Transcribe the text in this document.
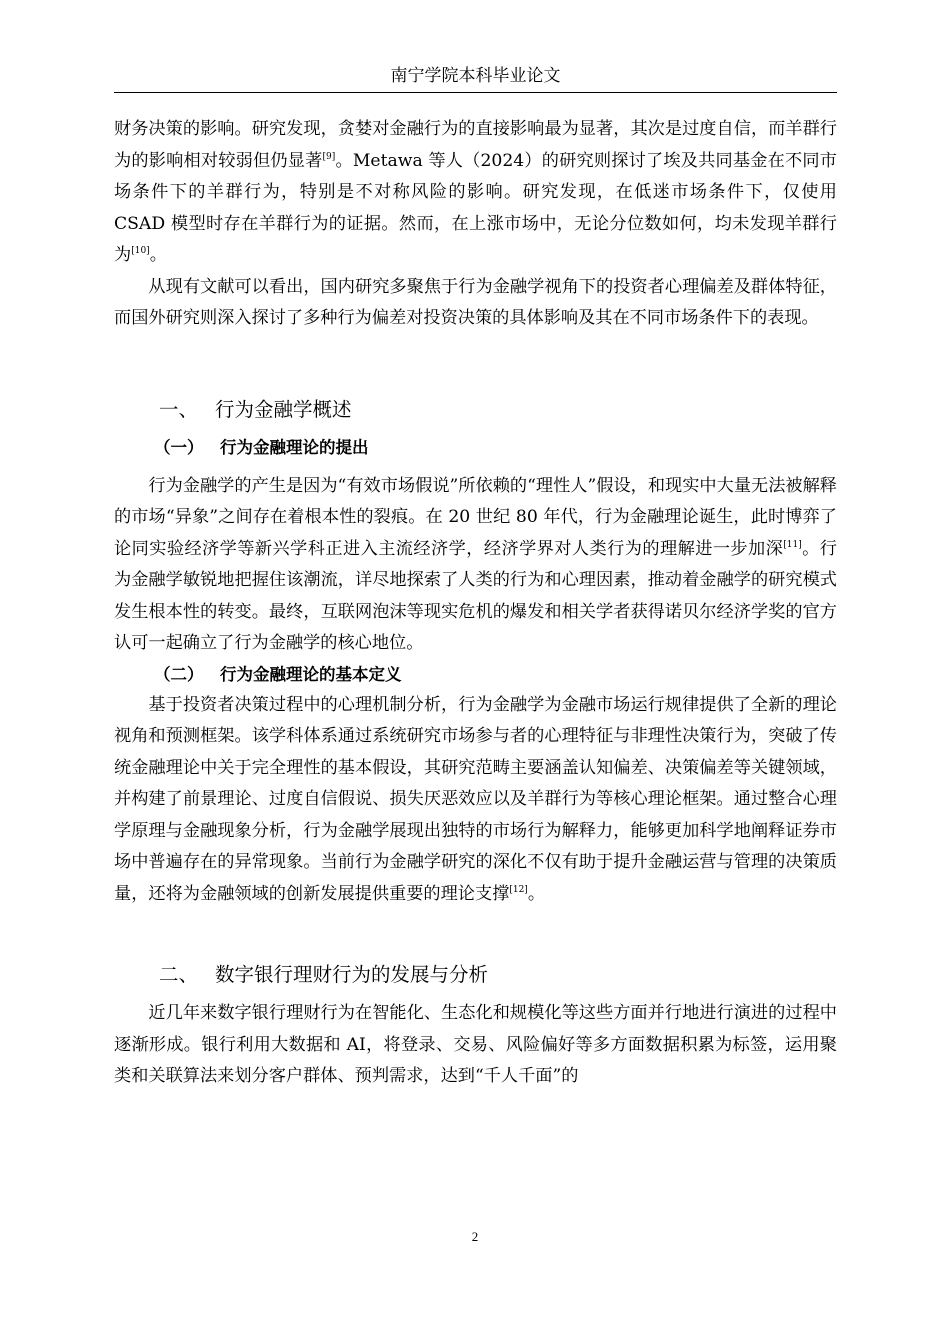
南宁学院本科毕业论文

财务决策的影响。研究发现，贪婪对金融行为的直接影响最为显著，其次是过度自信，而羊群行为的影响相对较弱但仍显著[9]。Metawa 等人（2024）的研究则探讨了埃及共同基金在不同市场条件下的羊群行为，特别是不对称风险的影响。研究发现，在低迷市场条件下，仅使用 CSAD 模型时存在羊群行为的证据。然而，在上涨市场中，无论分位数如何，均未发现羊群行为[10]。

从现有文献可以看出，国内研究多聚焦于行为金融学视角下的投资者心理偏差及群体特征，而国外研究则深入探讨了多种行为偏差对投资决策的具体影响及其在不同市场条件下的表现。

一、 行为金融学概述

（一） 行为金融理论的提出

行为金融学的产生是因为“有效市场假说”所依赖的“理性人”假设，和现实中大量无法被解释的市场“异象”之间存在着根本性的裂痕。在 20 世纪 80 年代，行为金融理论诞生，此时博弈了论同实验经济学等新兴学科正进入主流经济学，经济学界对人类行为的理解进一步加深[11]。行为金融学敏锐地把握住该潮流，详尽地探索了人类的行为和心理因素，推动着金融学的研究模式发生根本性的转变。最终，互联网泡沫等现实危机的爆发和相关学者获得诺贝尔经济学奖的官方认可一起确立了行为金融学的核心地位。

（二） 行为金融理论的基本定义

基于投资者决策过程中的心理机制分析，行为金融学为金融市场运行规律提供了全新的理论视角和预测框架。该学科体系通过系统研究市场参与者的心理特征与非理性决策行为，突破了传统金融理论中关于完全理性的基本假设，其研究范畴主要涵盖认知偏差、决策偏差等关键领域，并构建了前景理论、过度自信假说、损失厌恶效应以及羊群行为等核心理论框架。通过整合心理学原理与金融现象分析，行为金融学展现出独特的市场行为解释力，能够更加科学地阐释证券市场中普遍存在的异常现象。当前行为金融学研究的深化不仅有助于提升金融运营与管理的决策质量，还将为金融领域的创新发展提供重要的理论支撑[12]。

二、 数字银行理财行为的发展与分析

近几年来数字银行理财行为在智能化、生态化和规模化等这些方面并行地进行演进的过程中逐渐形成。银行利用大数据和 AI，将登录、交易、风险偏好等多方面数据积累为标签，运用聚类和关联算法来划分客户群体、预判需求，达到“千人千面”的

2
